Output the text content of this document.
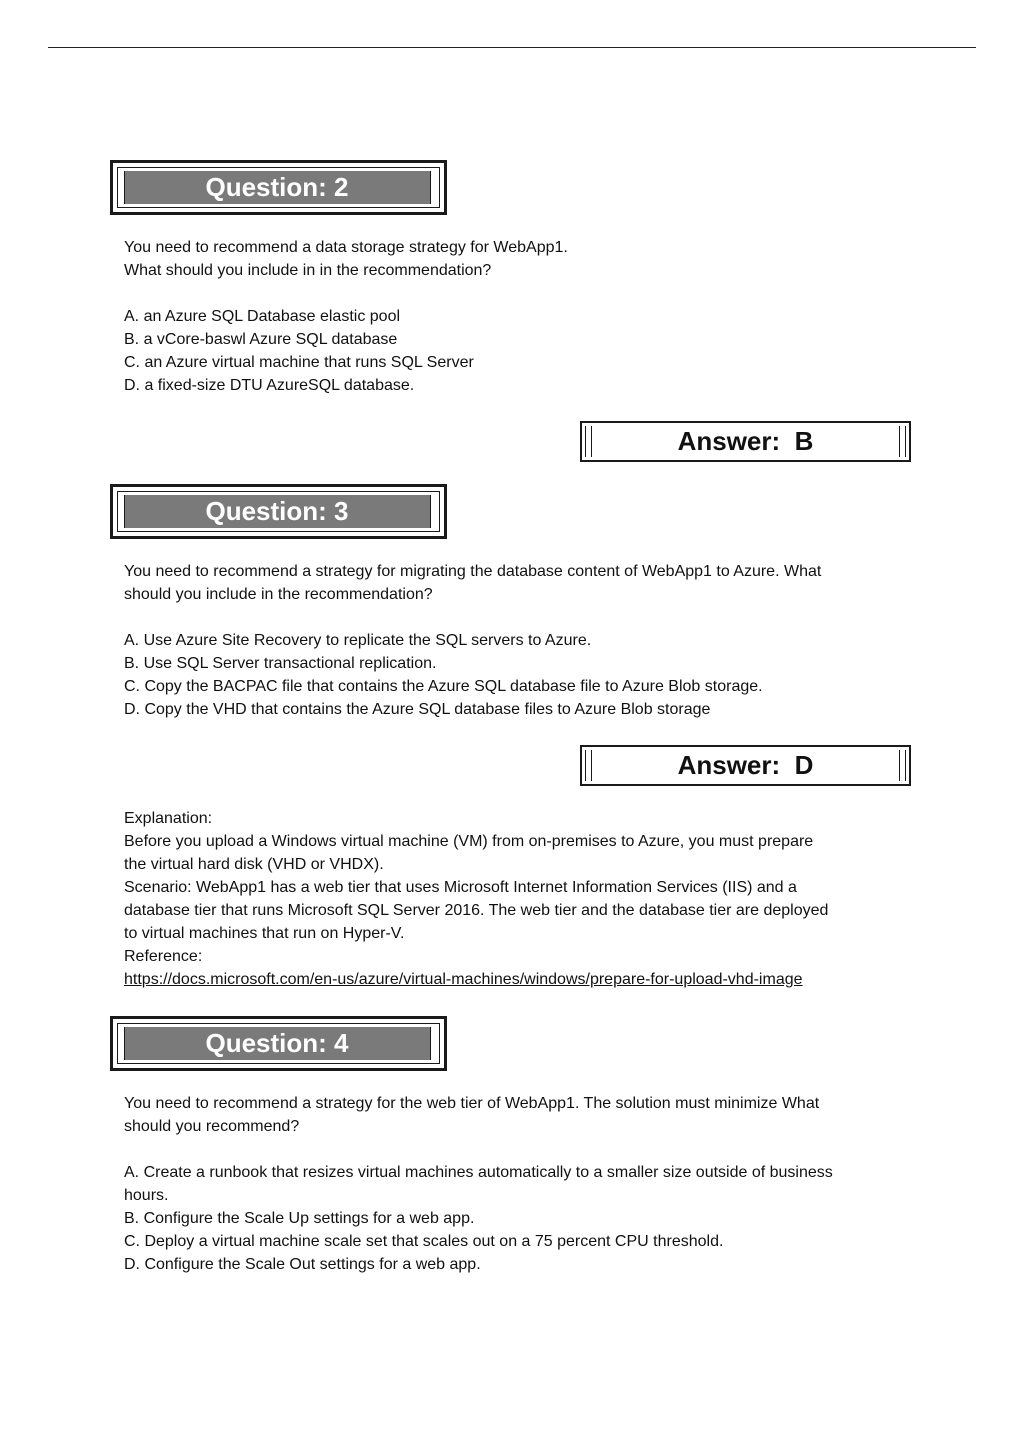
Question: 2

You need to recommend a data storage strategy for WebApp1.

What should you include in in the recommendation?

A. an Azure SQL Database elastic pool

B. a vCore-baswl Azure SQL database

C. an Azure virtual machine that runs SQL Server

D. a fixed-size DTU AzureSQL database.

Answer:  B
Question: 3

You need to recommend a strategy for migrating the database content of WebApp1 to Azure. What

should you include in the recommendation?

A. Use Azure Site Recovery to replicate the SQL servers to Azure.

B. Use SQL Server transactional replication.

C. Copy the BACPAC file that contains the Azure SQL database file to Azure Blob storage.

D. Copy the VHD that contains the Azure SQL database files to Azure Blob storage

Answer:  D

Explanation:

Before you upload a Windows virtual machine (VM) from on-premises to Azure, you must prepare

the virtual hard disk (VHD or VHDX).

Scenario: WebApp1 has a web tier that uses Microsoft Internet Information Services (IIS) and a

database tier that runs Microsoft SQL Server 2016. The web tier and the database tier are deployed

to virtual machines that run on Hyper-V.

Reference:

https://docs.microsoft.com/en-us/azure/virtual-machines/windows/prepare-for-upload-vhd-image

Question: 4

You need to recommend a strategy for the web tier of WebApp1. The solution must minimize What

should you recommend?

A. Create a runbook that resizes virtual machines automatically to a smaller size outside of business

hours.

B. Configure the Scale Up settings for a web app.

C. Deploy a virtual machine scale set that scales out on a 75 percent CPU threshold.

D. Configure the Scale Out settings for a web app.
